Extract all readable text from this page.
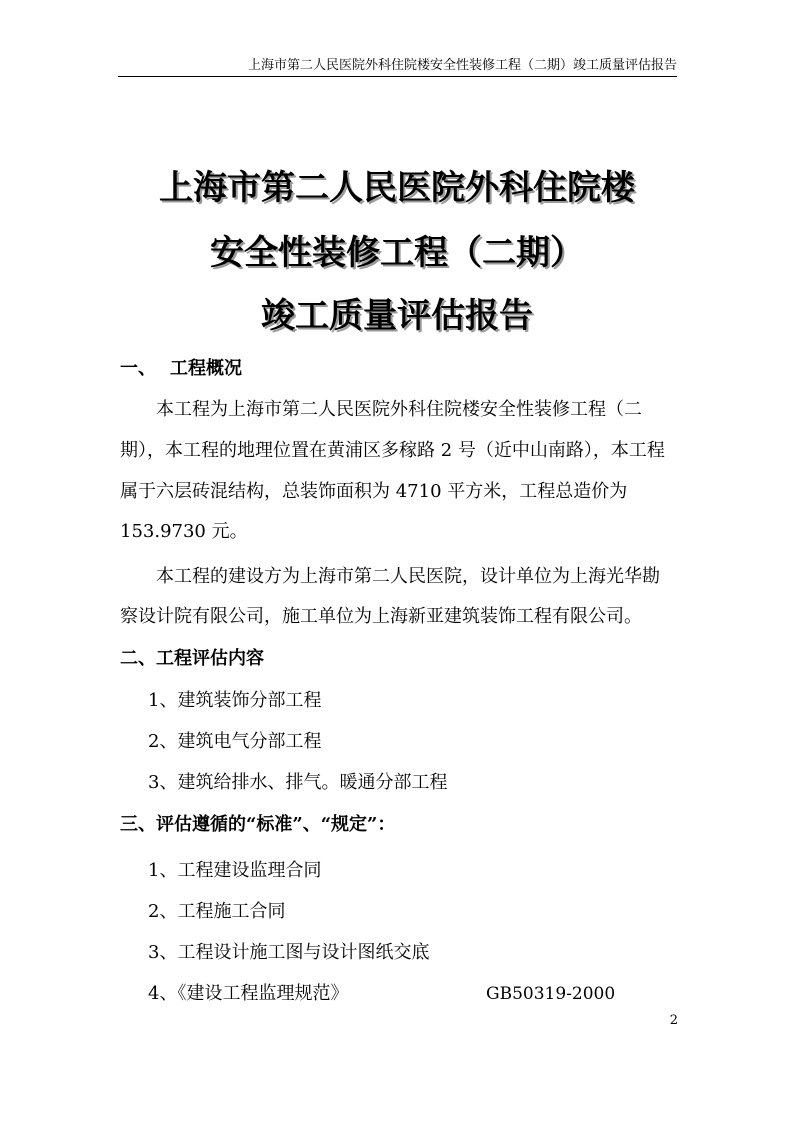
上海市第二人民医院外科住院楼安全性装修工程（二期）竣工质量评估报告
上海市第二人民医院外科住院楼
安全性装修工程（二期）
竣工质量评估报告
一、 工程概况
本工程为上海市第二人民医院外科住院楼安全性装修工程（二
期），本工程的地理位置在黄浦区多稼路 2 号（近中山南路），本工程
属于六层砖混结构，总装饰面积为 4710 平方米，工程总造价为
153.9730 元。
本工程的建设方为上海市第二人民医院，设计单位为上海光华勘
察设计院有限公司，施工单位为上海新亚建筑装饰工程有限公司。
二、工程评估内容
1、建筑装饰分部工程
2、建筑电气分部工程
3、建筑给排水、排气。暖通分部工程
三、评估遵循的“标准”、“规定”：
1、工程建设监理合同
2、工程施工合同
3、工程设计施工图与设计图纸交底
4、《建设工程监理规范》	GB50319-2000
2
